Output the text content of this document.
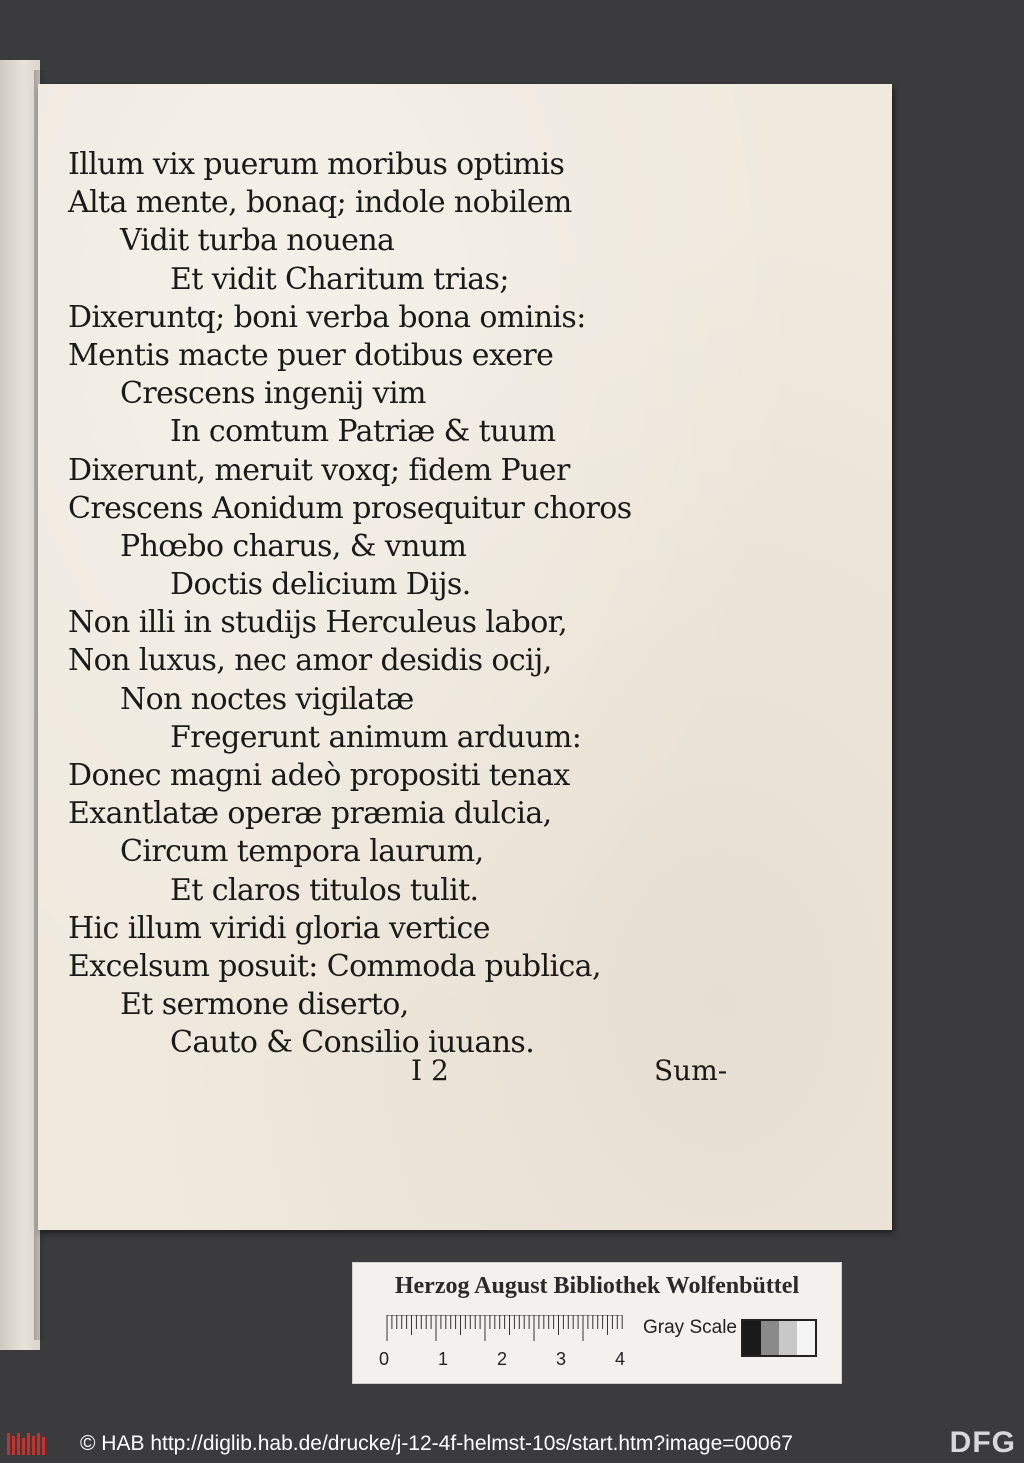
Illum vix puerum moribus optimis
Alta mente, bonaq; indole nobilem
Vidit turba nouena
Et vidit Charitum trias;
Dixeruntq; boni verba bona ominis:
Mentis macte puer dotibus exere
Crescens ingenij vim
In comtum Patriæ & tuum
Dixerunt, meruit voxq; fidem Puer
Crescens Aonidum prosequitur choros
Phœbo charus, & vnum
Doctis delicium Dijs.
Non illi in studijs Herculeus labor,
Non luxus, nec amor desidis ocij,
Non noctes vigilatæ
Fregerunt animum arduum:
Donec magni adeò propositi tenax
Exantlatæ operæ præmia dulcia,
Circum tempora laurum,
Et claros titulos tulit.
Hic illum viridi gloria vertice
Excelsum posuit: Commoda publica,
Et sermone diserto,
Cauto & Consilio iuuans.
I 2	Sum-
Herzog August Bibliothek Wolfenbüttel
0	1	2	3	4
Gray Scale
© HAB http://diglib.hab.de/drucke/j-12-4f-helmst-10s/start.htm?image=00067	DFG
